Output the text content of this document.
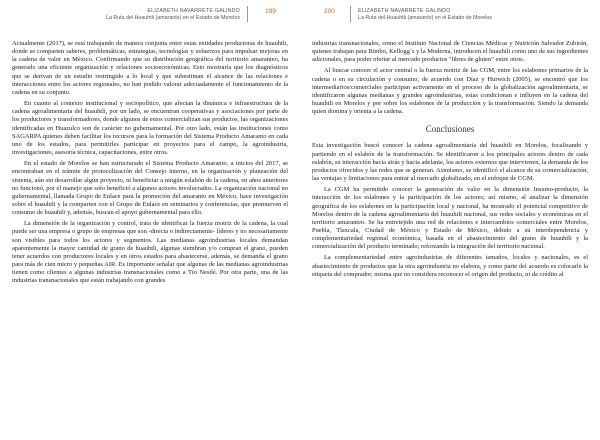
ELIZABETH NAVARRETE GALINDO
La Ruta del Huauhtli (amaranto) en el Estado de Morelos
199

Actualmente (2017), se está trabajando de manera conjunta entre estas entidades productoras de huauhtli, donde se comparten saberes, problemáticas, estrategias, tecnologías y esfuerzos para impulsar mejoras en la cadena de valor en México. Confirmando que su distribución geográfica del territorio amaranteo, ha generado una eficiente organización y relaciones socioeconómicas. Esto mostraría que los diagnósticos que se derivan de un estudio restringido a lo local y que subestiman el alcance de las relaciones e interacciones entre los actores regionales, no han podido valorar adecuadamente el funcionamiento de la cadena en su conjunto.

En cuanto al contexto institucional y sociopolítico, que afectan la dinámica e infraestructura de la cadena agroalimentaria del huauhtli, por un lado, se encuentran cooperativas y asociaciones por parte de los productores y transformadores, donde algunos de estos comercializan sus productos, las organizaciones identificadas en Huazulco son de carácter no gubernamental. Por otro lado, están las instituciones como SAGARPA quienes deben facilitar los recursos para la formación del Sistema Producto Amaranto en cada uno de los estados, para permitirles participar en proyectos para el campo, la agroindustria, investigaciones, asesoría técnica, capacitaciones, entre otros.

En el estado de Morelos se han estructurado el Sistema Producto Amaranto, a inicios del 2017, se encontraban en el trámite de protocolización del Consejo interno, en la organización y planeación del sistema, aún sin desarrollar algún proyecto, ni beneficiar a ningún eslabón de la cadena, en años anteriores no funcionó, por el manejo que solo benefició a algunos actores involucrados. La organización nacional no gubernamental, llamada Grupo de Enlace para la promoción del amaranto en México, hace investigación sobre el huauhtli y la comparten con el Grupo de Enlace en seminarios y conferencias, que promueven el consumo de huauhtli y, además, buscan el apoyo gubernamental para ello.

La dimensión de la organización y control, trata de identificar la fuerza motriz de la cadena, la cual puede ser una empresa o grupo de empresas que son -directa o indirectamente- líderes y no necesariamente son visibles para todos los actores y segmentos. Las medianas agroindustrias locales demandan aparentemente la mayor cantidad de grano de huauhtli, algunas siembran y/o compran el grano, pueden tener acuerdos con productores locales y en otros estados para abastecerse, además, se demanda el grano para más de cien micro y pequeñas AIR. Es importante señalar que algunas de las medianas agroindustrias tienen como clientes a algunas industrias transnacionales como a Tío Nestlé. Por otra parte, una de las industrias transnacionales que están trabajando con grandes

200	ELIZABETH NAVARRETE GALINDO
La Ruta del Huauhtli (amaranto) en el Estado de Morelos

industrias transnacionales, como el Instituto Nacional de Ciencias Médicas y Nutrición Salvador Zubirán, quienes trabajan para Bimbo, Kellogg´s y la Moderna, introducen el huauhtli como uno de sus ingredientes adicionales, para poder ofertar al mercado productos "libres de gluten" entre otros.

Al buscar conocer el actor central o la fuerza motriz de las CGM, entre los eslabones primarios de la cadena o en su circulación y consumo, de acuerdo con Díaz y Hurwich (2005), se encontró que los intermediarios/comerciales participan activamente en el proceso de la globalización agroalimentaria, se identificaron algunas medianas y grandes agroindustrias, estas condicionan e influyen en la cadena del huauhtli en Morelos y por sobre los eslabones de la producción y la transformación. Siendo la demanda quien domina y orienta a la cadena.

Conclusiones

Esta investigación buscó conocer la cadena agroalimentaria del huauhtli en Morelos, focalizando y partiendo en el eslabón de la transformación. Se identificaron a los principales actores dentro de cada eslabón, su interacción hacia atrás y hacia adelante, los actores externos que intervienen, la demanda de los productos ofrecidos y las redes que se generan. Asimismo, se identificó el alcance de su comercialización, las ventajas y limitaciones para entrar al mercado globalizado, en el enfoque de CGM.

La CGM ha permitido conocer la generación de valor en la dimensión Insumo-producto, la interacción de los eslabones y la participación de los actores; así mismo, al analizar la dimensión geográfica de los eslabones en la participación local y nacional, ha mostrado el potencial competitivo de Morelos dentro de la cadena agroalimentaria del huauhtli nacional, sus redes sociales y económicas en el territorio amaranteo. Se ha entretejido una red de relaciones e intercambios comerciales entre Morelos, Puebla, Tlaxcala, Ciudad de México y Estado de México, debido a su interdependencia y complementariedad regional económica, basada en el abastecimiento del grano de huauhtli y la comercialización del producto terminado; reforzando la integración del territorio nacional.

La complementariedad entre agroindustrias de diferentes tamaños, locales y nacionales, es el abastecimiento de productos que la otra agroindustria no elabora, y como parte del acuerdo es colocarle la etiqueta del comprador, misma que no considera reconocer el origen del producto, ni da crédito al
